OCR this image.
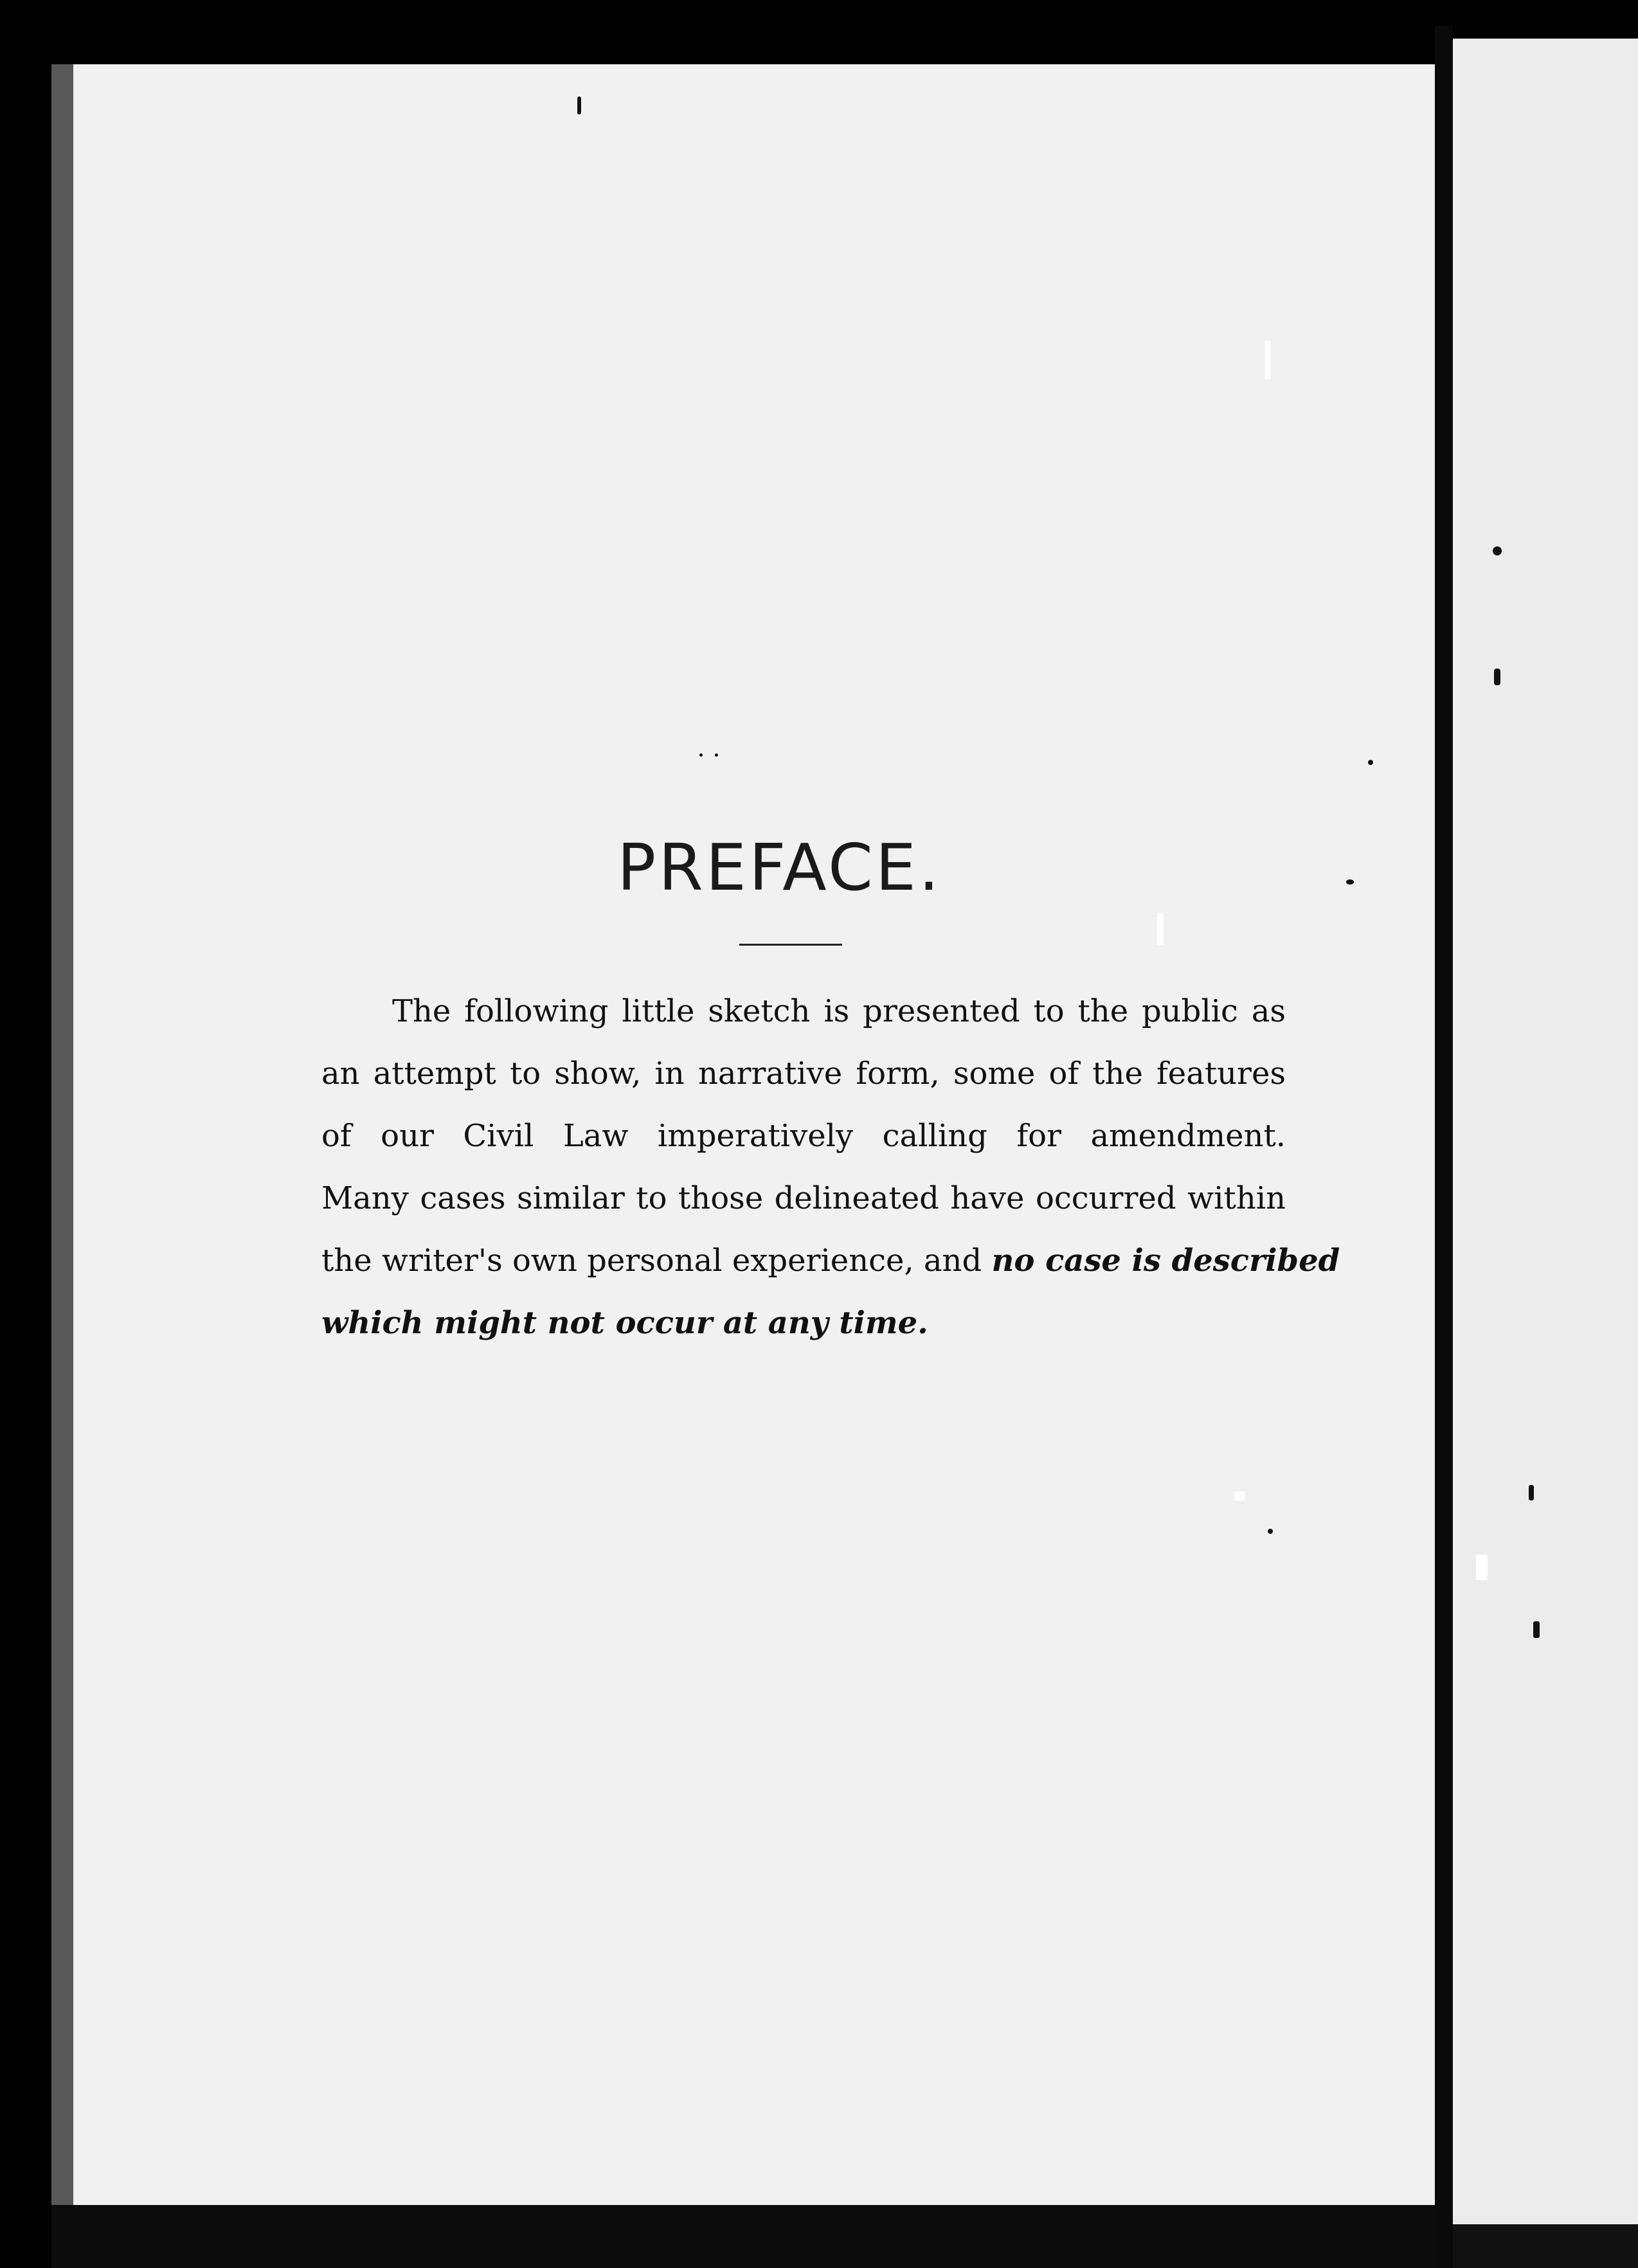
PREFACE.
The following little sketch is presented to the public as
an attempt to show, in narrative form, some of the features
of our Civil Law imperatively calling for amendment.
Many cases similar to those delineated have occurred within
the writer's own personal experience, and no case is described
which might not occur at any time.
